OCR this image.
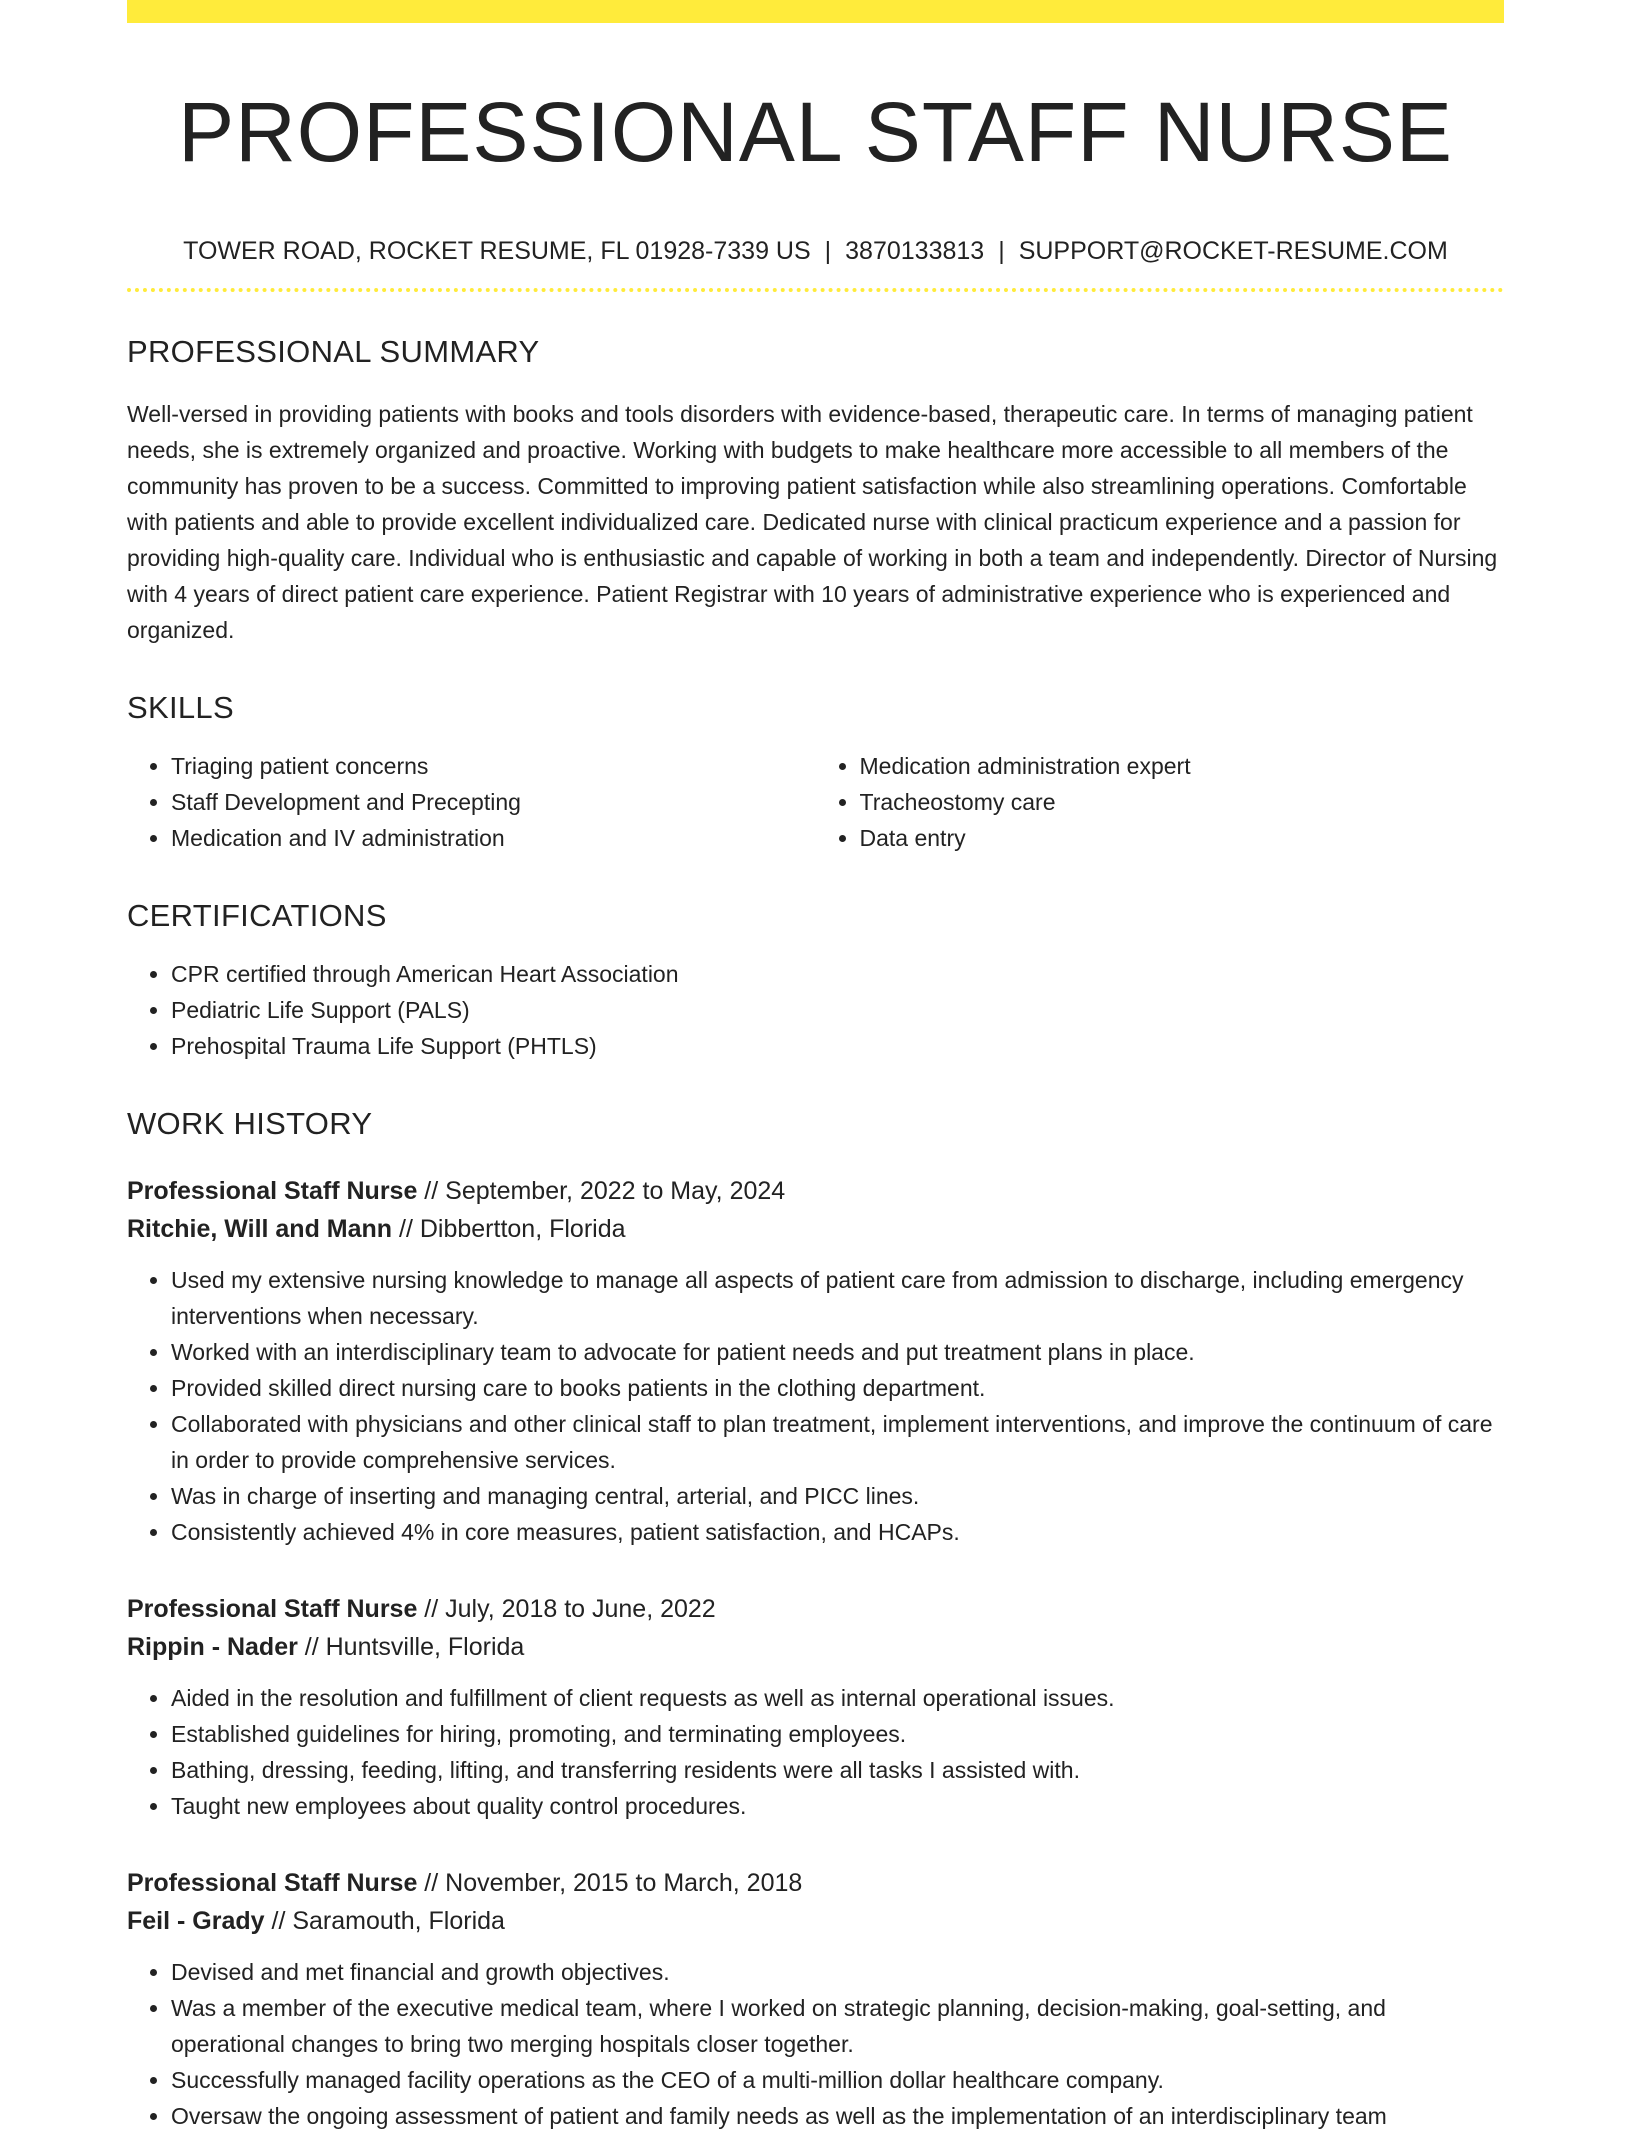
PROFESSIONAL STAFF NURSE
TOWER ROAD, ROCKET RESUME, FL 01928-7339 US | 3870133813 | SUPPORT@ROCKET-RESUME.COM
PROFESSIONAL SUMMARY
Well-versed in providing patients with books and tools disorders with evidence-based, therapeutic care. In terms of managing patient needs, she is extremely organized and proactive. Working with budgets to make healthcare more accessible to all members of the community has proven to be a success. Committed to improving patient satisfaction while also streamlining operations. Comfortable with patients and able to provide excellent individualized care. Dedicated nurse with clinical practicum experience and a passion for providing high-quality care. Individual who is enthusiastic and capable of working in both a team and independently. Director of Nursing with 4 years of direct patient care experience. Patient Registrar with 10 years of administrative experience who is experienced and organized.
SKILLS
• Triaging patient concerns
• Staff Development and Precepting
• Medication and IV administration
• Medication administration expert
• Tracheostomy care
• Data entry
CERTIFICATIONS
• CPR certified through American Heart Association
• Pediatric Life Support (PALS)
• Prehospital Trauma Life Support (PHTLS)
WORK HISTORY
Professional Staff Nurse // September, 2022 to May, 2024
Ritchie, Will and Mann // Dibbertton, Florida
• Used my extensive nursing knowledge to manage all aspects of patient care from admission to discharge, including emergency interventions when necessary.
• Worked with an interdisciplinary team to advocate for patient needs and put treatment plans in place.
• Provided skilled direct nursing care to books patients in the clothing department.
• Collaborated with physicians and other clinical staff to plan treatment, implement interventions, and improve the continuum of care in order to provide comprehensive services.
• Was in charge of inserting and managing central, arterial, and PICC lines.
• Consistently achieved 4% in core measures, patient satisfaction, and HCAPs.
Professional Staff Nurse // July, 2018 to June, 2022
Rippin - Nader // Huntsville, Florida
• Aided in the resolution and fulfillment of client requests as well as internal operational issues.
• Established guidelines for hiring, promoting, and terminating employees.
• Bathing, dressing, feeding, lifting, and transferring residents were all tasks I assisted with.
• Taught new employees about quality control procedures.
Professional Staff Nurse // November, 2015 to March, 2018
Feil - Grady // Saramouth, Florida
• Devised and met financial and growth objectives.
• Was a member of the executive medical team, where I worked on strategic planning, decision-making, goal-setting, and operational changes to bring two merging hospitals closer together.
• Successfully managed facility operations as the CEO of a multi-million dollar healthcare company.
• Oversaw the ongoing assessment of patient and family needs as well as the implementation of an interdisciplinary team
